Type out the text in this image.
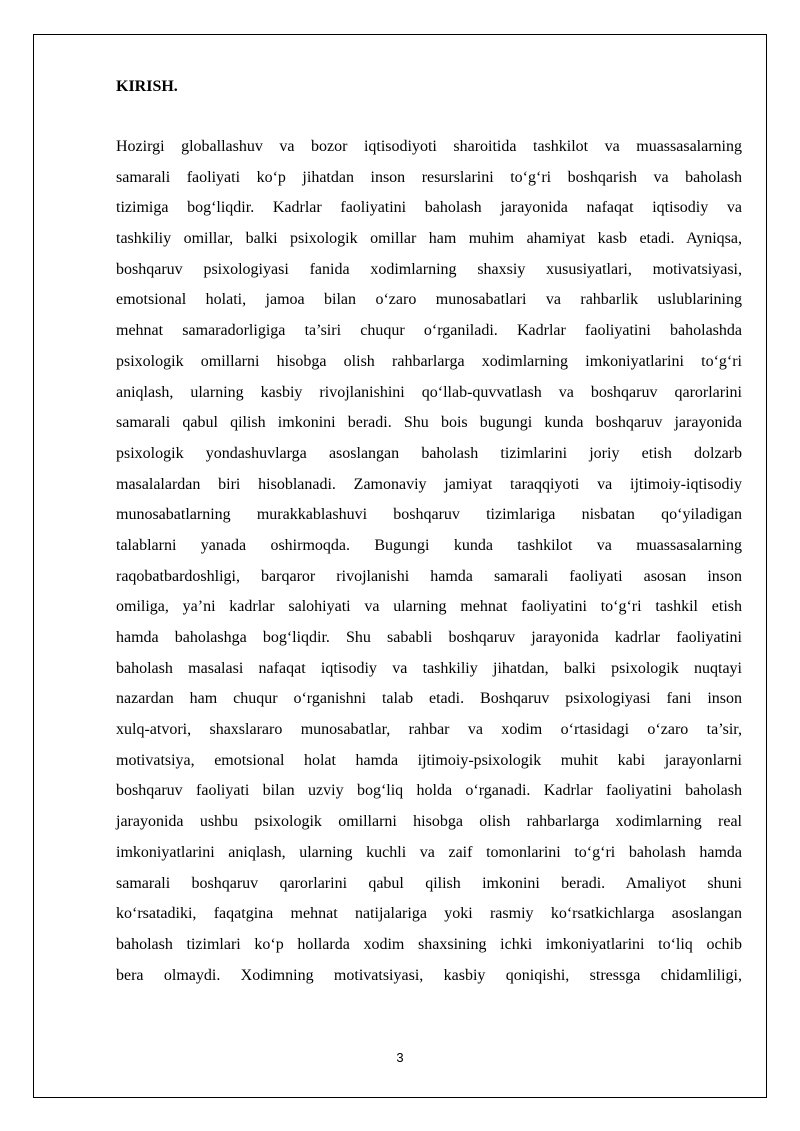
KIRISH.
Hozirgi globallashuv va bozor iqtisodiyoti sharoitida tashkilot va muassasalarning
samarali faoliyati ko‘p jihatdan inson resurslarini to‘g‘ri boshqarish va baholash
tizimiga bog‘liqdir. Kadrlar faoliyatini baholash jarayonida nafaqat iqtisodiy va
tashkiliy omillar, balki psixologik omillar ham muhim ahamiyat kasb etadi. Ayniqsa,
boshqaruv psixologiyasi fanida xodimlarning shaxsiy xususiyatlari, motivatsiyasi,
emotsional holati, jamoa bilan o‘zaro munosabatlari va rahbarlik uslublarining
mehnat samaradorligiga ta’siri chuqur o‘rganiladi. Kadrlar faoliyatini baholashda
psixologik omillarni hisobga olish rahbarlarga xodimlarning imkoniyatlarini to‘g‘ri
aniqlash, ularning kasbiy rivojlanishini qo‘llab-quvvatlash va boshqaruv qarorlarini
samarali qabul qilish imkonini beradi. Shu bois bugungi kunda boshqaruv jarayonida
psixologik yondashuvlarga asoslangan baholash tizimlarini joriy etish dolzarb
masalalardan biri hisoblanadi. Zamonaviy jamiyat taraqqiyoti va ijtimoiy-iqtisodiy
munosabatlarning murakkablashuvi boshqaruv tizimlariga nisbatan qo‘yiladigan
talablarni yanada oshirmoqda. Bugungi kunda tashkilot va muassasalarning
raqobatbardoshligi, barqaror rivojlanishi hamda samarali faoliyati asosan inson
omiliga, ya’ni kadrlar salohiyati va ularning mehnat faoliyatini to‘g‘ri tashkil etish
hamda baholashga bog‘liqdir. Shu sababli boshqaruv jarayonida kadrlar faoliyatini
baholash masalasi nafaqat iqtisodiy va tashkiliy jihatdan, balki psixologik nuqtayi
nazardan ham chuqur o‘rganishni talab etadi. Boshqaruv psixologiyasi fani inson
xulq-atvori, shaxslararo munosabatlar, rahbar va xodim o‘rtasidagi o‘zaro ta’sir,
motivatsiya, emotsional holat hamda ijtimoiy-psixologik muhit kabi jarayonlarni
boshqaruv faoliyati bilan uzviy bog‘liq holda o‘rganadi. Kadrlar faoliyatini baholash
jarayonida ushbu psixologik omillarni hisobga olish rahbarlarga xodimlarning real
imkoniyatlarini aniqlash, ularning kuchli va zaif tomonlarini to‘g‘ri baholash hamda
samarali boshqaruv qarorlarini qabul qilish imkonini beradi. Amaliyot shuni
ko‘rsatadiki, faqatgina mehnat natijalariga yoki rasmiy ko‘rsatkichlarga asoslangan
baholash tizimlari ko‘p hollarda xodim shaxsining ichki imkoniyatlarini to‘liq ochib
bera olmaydi. Xodimning motivatsiyasi, kasbiy qoniqishi, stressga chidamliligi,
3
